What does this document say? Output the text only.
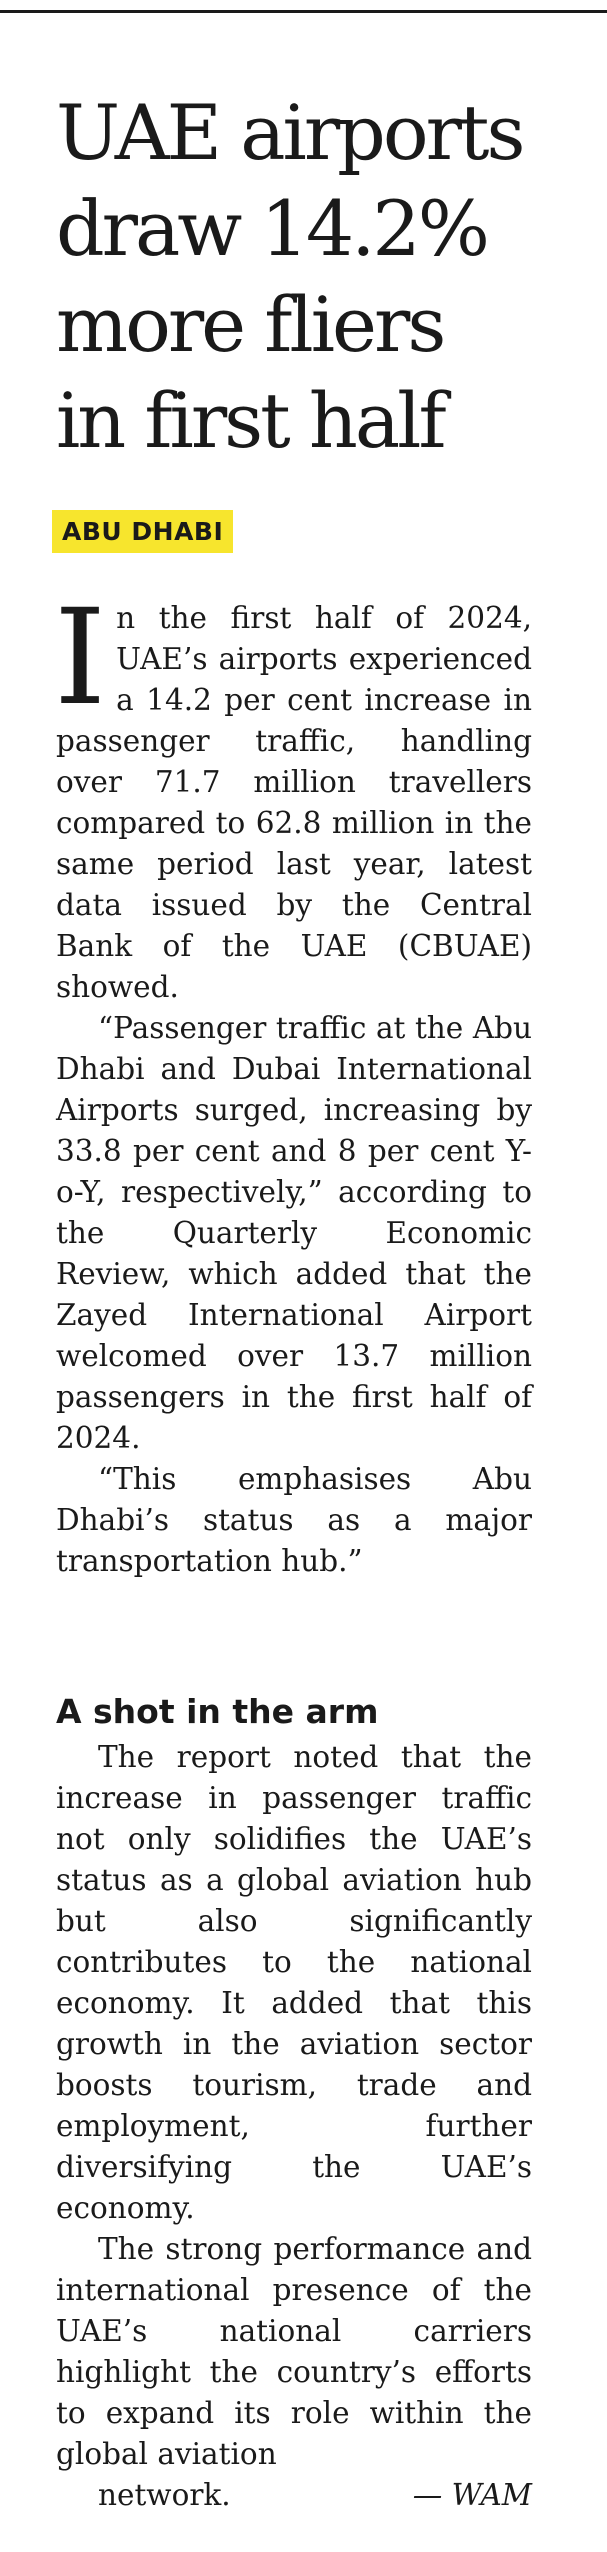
UAE airports
draw 14.2%
more fliers
in first half
ABU DHABI

In the first half of 2024, UAE’s airports experienced a 14.2 per cent increase in passenger traffic, handling over 71.7 million travellers compared to 62.8 million in the same period last year, latest data issued by the Central Bank of the UAE (CBUAE) showed.

“Passenger traffic at the Abu Dhabi and Dubai International Airports surged, increasing by 33.8 per cent and 8 per cent Y-o-Y, respectively,” according to the Quarterly Economic Review, which added that the Zayed International Airport welcomed over 13.7 million passengers in the first half of 2024.

“This emphasises Abu Dhabi’s status as a major transportation hub.”

A shot in the arm

The report noted that the increase in passenger traffic not only solidifies the UAE’s status as a global aviation hub but also significantly contributes to the national economy. It added that this growth in the aviation sector boosts tourism, trade and employment, further diversifying the UAE’s economy.

The strong performance and international presence of the UAE’s national carriers highlight the country’s efforts to expand its role within the global aviation

network.	— WAM
